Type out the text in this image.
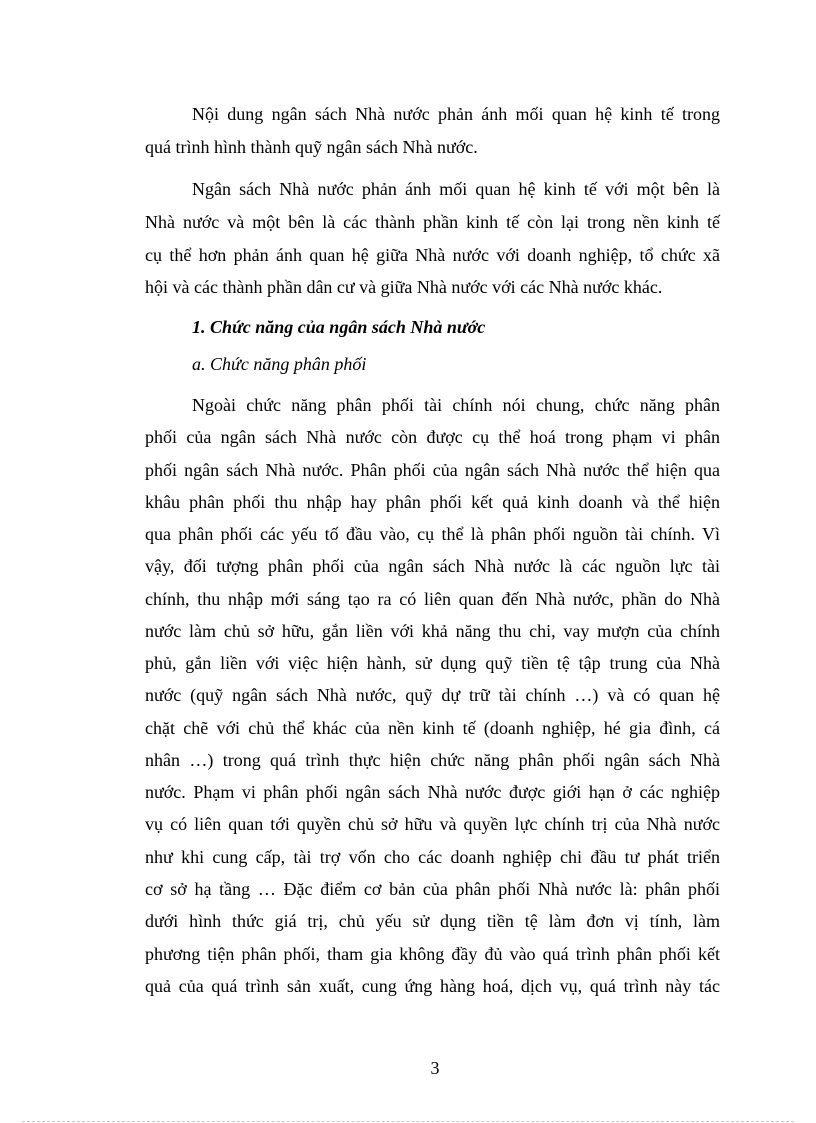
Nội dung ngân sách Nhà nước phản ánh mối quan hệ kinh tế trong
quá trình hình thành quỹ ngân sách Nhà nước.
Ngân sách Nhà nước phản ánh mối quan hệ kinh tế với một bên là
Nhà nước và một bên là các thành phần kinh tế còn lại trong nền kinh tế
cụ thể hơn phản ánh quan hệ giữa Nhà nước với doanh nghiệp, tổ chức xã
hội và các thành phần dân cư và giữa Nhà nước với các Nhà nước khác.
1. Chức năng của ngân sách Nhà nước
a. Chức năng phân phối
Ngoài chức năng phân phối tài chính nói chung, chức năng phân
phối của ngân sách Nhà nước còn được cụ thể hoá trong phạm vi phân
phối ngân sách Nhà nước. Phân phối của ngân sách Nhà nước thể hiện qua
khâu phân phối thu nhập hay phân phối kết quả kinh doanh và thể hiện
qua phân phối các yếu tố đầu vào, cụ thể là phân phối nguồn tài chính. Vì
vậy, đối tượng phân phối của ngân sách Nhà nước là các nguồn lực tài
chính, thu nhập mới sáng tạo ra có liên quan đến Nhà nước, phần do Nhà
nước làm chủ sở hữu, gắn liền với khả năng thu chi, vay mượn của chính
phủ, gắn liền với việc hiện hành, sử dụng quỹ tiền tệ tập trung của Nhà
nước (quỹ ngân sách Nhà nước, quỹ dự trữ tài chính …) và có quan hệ
chặt chẽ với chủ thể khác của nền kinh tế (doanh nghiệp, hé gia đình, cá
nhân …) trong quá trình thực hiện chức năng phân phối ngân sách Nhà
nước. Phạm vi phân phối ngân sách Nhà nước được giới hạn ở các nghiệp
vụ có liên quan tới quyền chủ sở hữu và quyền lực chính trị của Nhà nước
như khi cung cấp, tài trợ vốn cho các doanh nghiệp chi đầu tư phát triển
cơ sở hạ tầng … Đặc điểm cơ bản của phân phối Nhà nước là: phân phối
dưới hình thức giá trị, chủ yếu sử dụng tiền tệ làm đơn vị tính, làm
phương tiện phân phối, tham gia không đầy đủ vào quá trình phân phối kết
quả của quá trình sản xuất, cung ứng hàng hoá, dịch vụ, quá trình này tác
3
